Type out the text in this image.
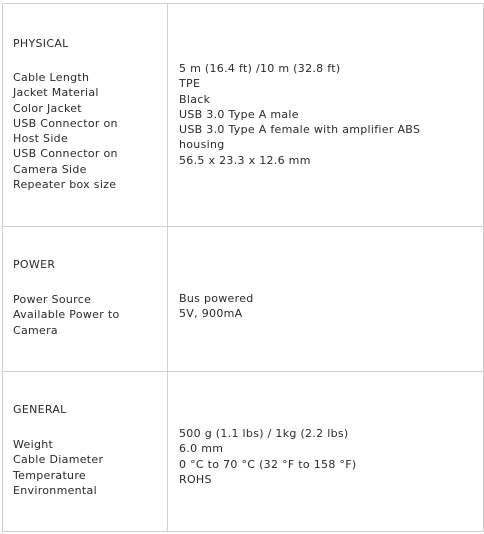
PHYSICAL
Cable Length
Jacket Material
Color Jacket
USB Connector on
Host Side
USB Connector on
Camera Side
Repeater box size
5 m (16.4 ft) /10 m (32.8 ft)
TPE
Black
USB 3.0 Type A male
USB 3.0 Type A female with amplifier ABS
housing
56.5 x 23.3 x 12.6 mm
POWER
Power Source
Available Power to
Camera
Bus powered
5V, 900mA
GENERAL
Weight
Cable Diameter
Temperature
Environmental
500 g (1.1 lbs) / 1kg (2.2 lbs)
6.0 mm
0 °C to 70 °C (32 °F to 158 °F)
ROHS
